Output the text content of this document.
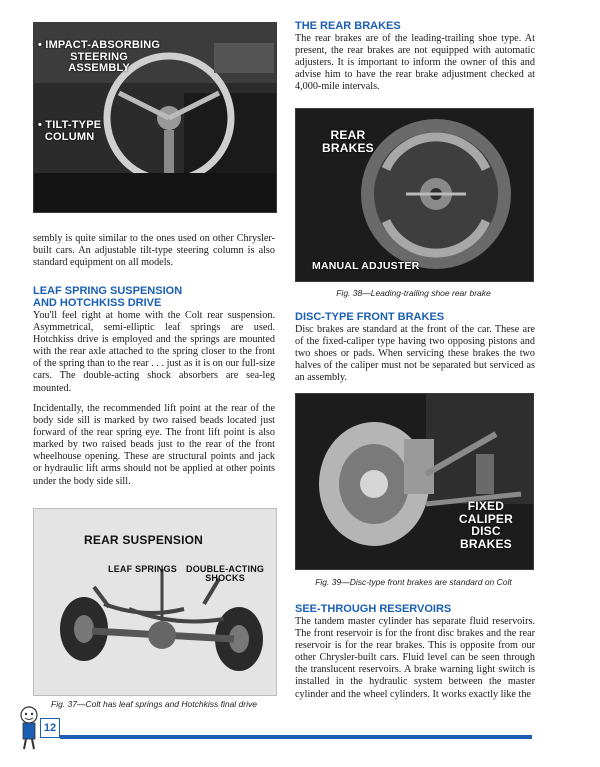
• IMPACT-ABSORBING
STEERING
ASSEMBLY
• TILT-TYPE
COLUMN
Fig. 36—The adjustable steering column is standard

sembly is quite similar to the ones used on other Chrysler-built cars. An adjustable tilt-type steering column is also standard equipment on all models.

LEAF SPRING SUSPENSION
AND HOTCHKISS DRIVE

You'll feel right at home with the Colt rear suspension. Asymmetrical, semi-elliptic leaf springs are used. Hotchkiss drive is employed and the springs are mounted with the rear axle attached to the spring closer to the front of the spring than to the rear . . . just as it is on our full-size cars. The double-acting shock absorbers are sea-leg mounted.

Incidentally, the recommended lift point at the rear of the body side sill is marked by two raised beads located just forward of the rear spring eye. The front lift point is also marked by two raised beads just to the rear of the front wheelhouse opening. These are structural points and jack or hydraulic lift arms should not be applied at other points under the body side sill.

REAR SUSPENSION
LEAF SPRINGS DOUBLE-ACTING
SHOCKS
Fig. 37—Colt has leaf springs and Hotchkiss final drive
THE REAR BRAKES

The rear brakes are of the leading-trailing shoe type. At present, the rear brakes are not equipped with automatic adjusters. It is important to inform the owner of this and advise him to have the rear brake adjustment checked at 4,000-mile intervals.

REAR
BRAKES
MANUAL ADJUSTER
Fig. 38—Leading-trailing shoe rear brake
DISC-TYPE FRONT BRAKES

Disc brakes are standard at the front of the car. These are of the fixed-caliper type having two opposing pistons and two shoes or pads. When servicing these brakes the two halves of the caliper must not be separated but serviced as an assembly.

FIXED
CALIPER
DISC
BRAKES
Fig. 39—Disc-type front brakes are standard on Colt
SEE-THROUGH RESERVOIRS

The tandem master cylinder has separate fluid reservoirs. The front reservoir is for the front disc brakes and the rear reservoir is for the rear brakes. This is opposite from our other Chrysler-built cars. Fluid level can be seen through the translucent reservoirs. A brake warning light switch is installed in the hydraulic system between the master cylinder and the wheel cylinders. It works exactly like the

12
